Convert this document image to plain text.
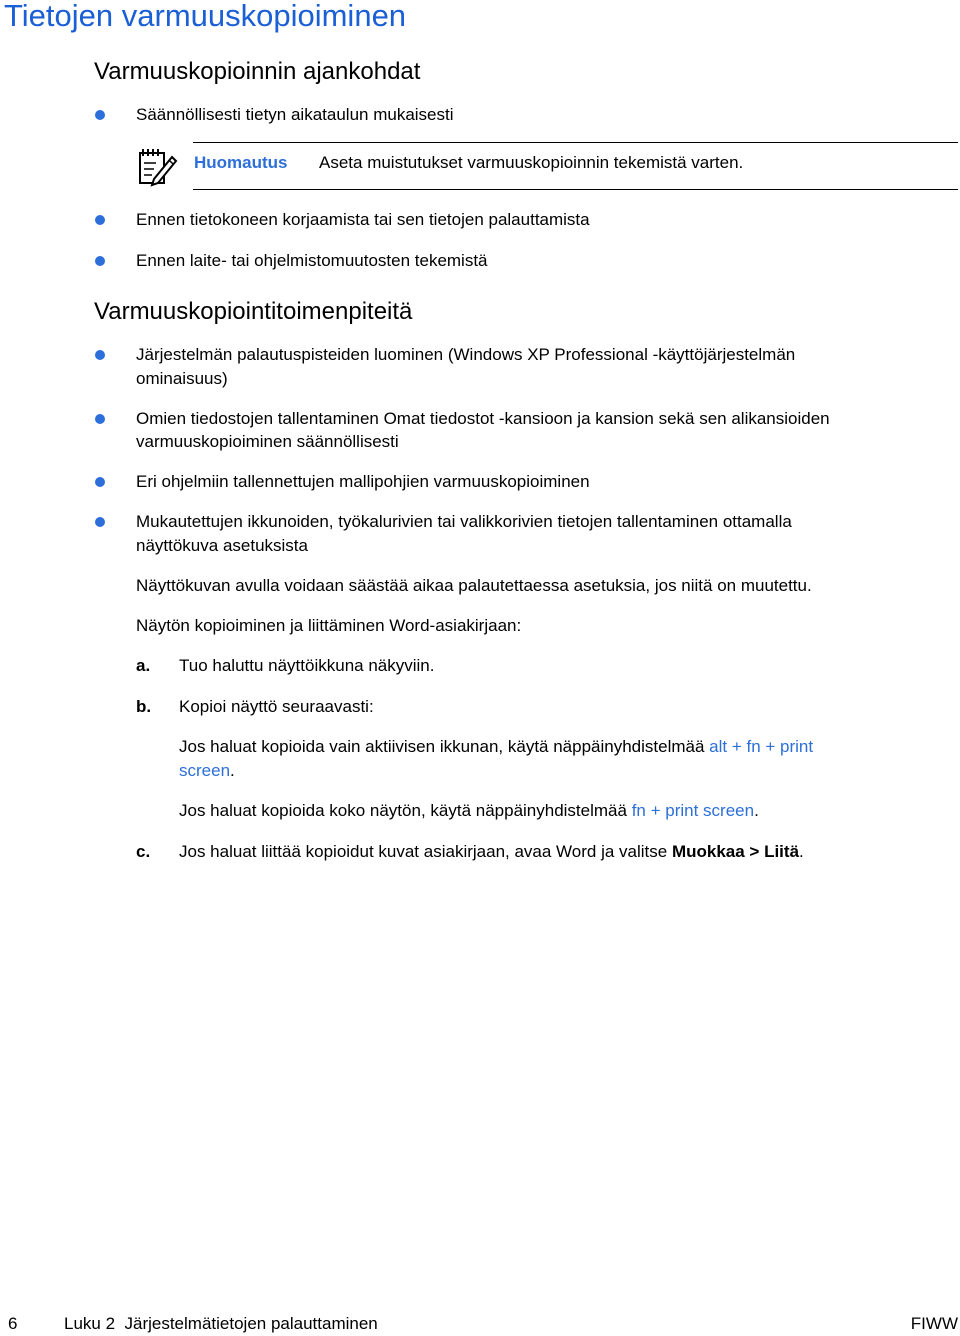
Tietojen varmuuskopioiminen
Varmuuskopioinnin ajankohdat
Säännöllisesti tietyn aikataulun mukaisesti
Huomautus Aseta muistutukset varmuuskopioinnin tekemistä varten.
Ennen tietokoneen korjaamista tai sen tietojen palauttamista
Ennen laite- tai ohjelmistomuutosten tekemistä
Varmuuskopiointitoimenpiteitä
Järjestelmän palautuspisteiden luominen (Windows XP Professional -käyttöjärjestelmän
ominaisuus)
Omien tiedostojen tallentaminen Omat tiedostot -kansioon ja kansion sekä sen alikansioiden
varmuuskopioiminen säännöllisesti
Eri ohjelmiin tallennettujen mallipohjien varmuuskopioiminen
Mukautettujen ikkunoiden, työkalurivien tai valikkorivien tietojen tallentaminen ottamalla
näyttökuva asetuksista
Näyttökuvan avulla voidaan säästää aikaa palautettaessa asetuksia, jos niitä on muutettu.
Näytön kopioiminen ja liittäminen Word-asiakirjaan:
a. Tuo haluttu näyttöikkuna näkyviin.
b. Kopioi näyttö seuraavasti:
Jos haluat kopioida vain aktiivisen ikkunan, käytä näppäinyhdistelmää alt + fn + print
screen.
Jos haluat kopioida koko näytön, käytä näppäinyhdistelmää fn + print screen.
c. Jos haluat liittää kopioidut kuvat asiakirjaan, avaa Word ja valitse Muokkaa > Liitä.
6	Luku 2  Järjestelmätietojen palauttaminen	FIWW
